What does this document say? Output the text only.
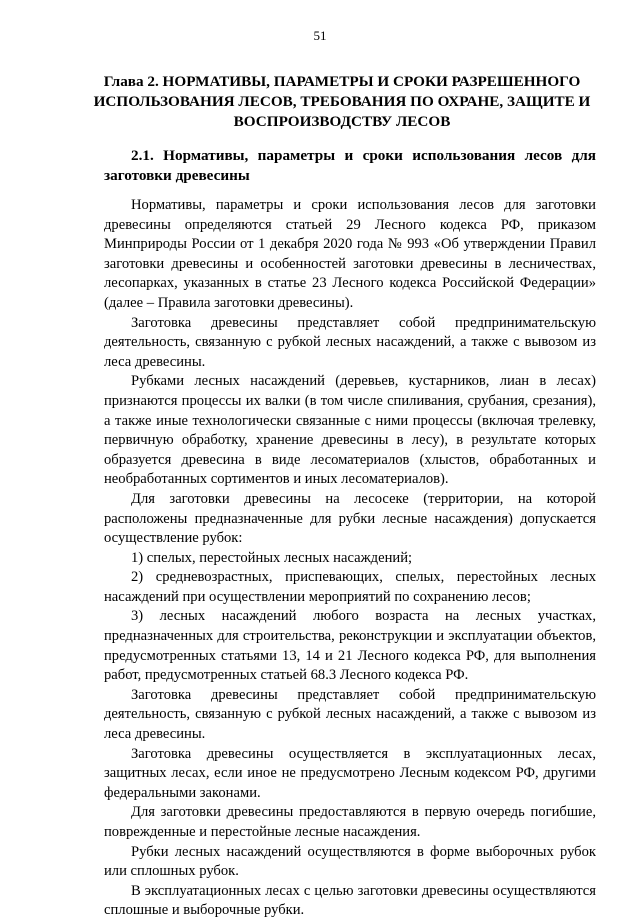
51
Глава 2. НОРМАТИВЫ, ПАРАМЕТРЫ И СРОКИ РАЗРЕШЕННОГО ИСПОЛЬЗОВАНИЯ ЛЕСОВ, ТРЕБОВАНИЯ ПО ОХРАНЕ, ЗАЩИТЕ И ВОСПРОИЗВОДСТВУ ЛЕСОВ
2.1. Нормативы, параметры и сроки использования лесов для заготовки древесины

Нормативы, параметры и сроки использования лесов для заготовки древесины определяются статьей 29 Лесного кодекса РФ, приказом Минприроды России от 1 декабря 2020 года № 993 «Об утверждении Правил заготовки древесины и особенностей заготовки древесины в лесничествах, лесопарках, указанных в статье 23 Лесного кодекса Российской Федерации» (далее – Правила заготовки древесины).

Заготовка древесины представляет собой предпринимательскую деятельность, связанную с рубкой лесных насаждений, а также с вывозом из леса древесины.

Рубками лесных насаждений (деревьев, кустарников, лиан в лесах) признаются процессы их валки (в том числе спиливания, срубания, срезания), а также иные технологически связанные с ними процессы (включая трелевку, первичную обработку, хранение древесины в лесу), в результате которых образуется древесина в виде лесоматериалов (хлыстов, обработанных и необработанных сортиментов и иных лесоматериалов).

Для заготовки древесины на лесосеке (территории, на которой расположены предназначенные для рубки лесные насаждения) допускается осуществление рубок:

1) спелых, перестойных лесных насаждений;

2) средневозрастных, приспевающих, спелых, перестойных лесных насаждений при осуществлении мероприятий по сохранению лесов;

3) лесных насаждений любого возраста на лесных участках, предназначенных для строительства, реконструкции и эксплуатации объектов, предусмотренных статьями 13, 14 и 21 Лесного кодекса РФ, для выполнения работ, предусмотренных статьей 68.3 Лесного кодекса РФ.

Заготовка древесины представляет собой предпринимательскую деятельность, связанную с рубкой лесных насаждений, а также с вывозом из леса древесины.

Заготовка древесины осуществляется в эксплуатационных лесах, защитных лесах, если иное не предусмотрено Лесным кодексом РФ, другими федеральными законами.

Для заготовки древесины предоставляются в первую очередь погибшие, поврежденные и перестойные лесные насаждения.

Рубки лесных насаждений осуществляются в форме выборочных рубок или сплошных рубок.

В эксплуатационных лесах с целью заготовки древесины осуществляются сплошные и выборочные рубки.
